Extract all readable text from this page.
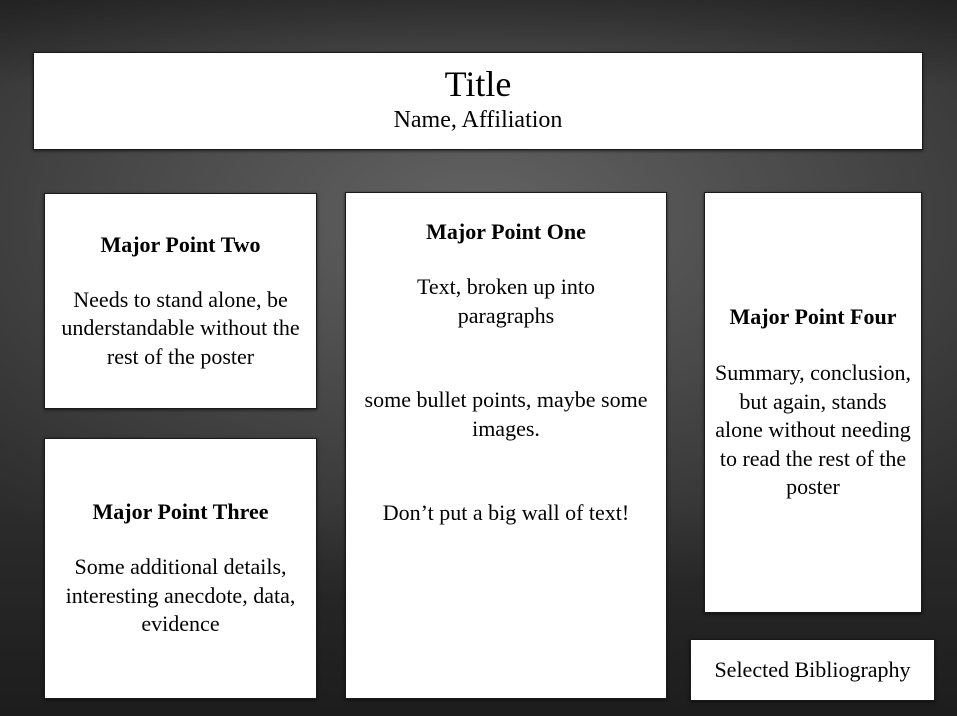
Title
Name, Affiliation
Major Point Two
Needs to stand alone, be understandable without the rest of the poster
Major Point Three
Some additional details, interesting anecdote, data, evidence
Major Point One
Text, broken up into paragraphs
some bullet points, maybe some images.
Don’t put a big wall of text!
Major Point Four
Summary, conclusion, but again, stands alone without needing to read the rest of the poster
Selected Bibliography
